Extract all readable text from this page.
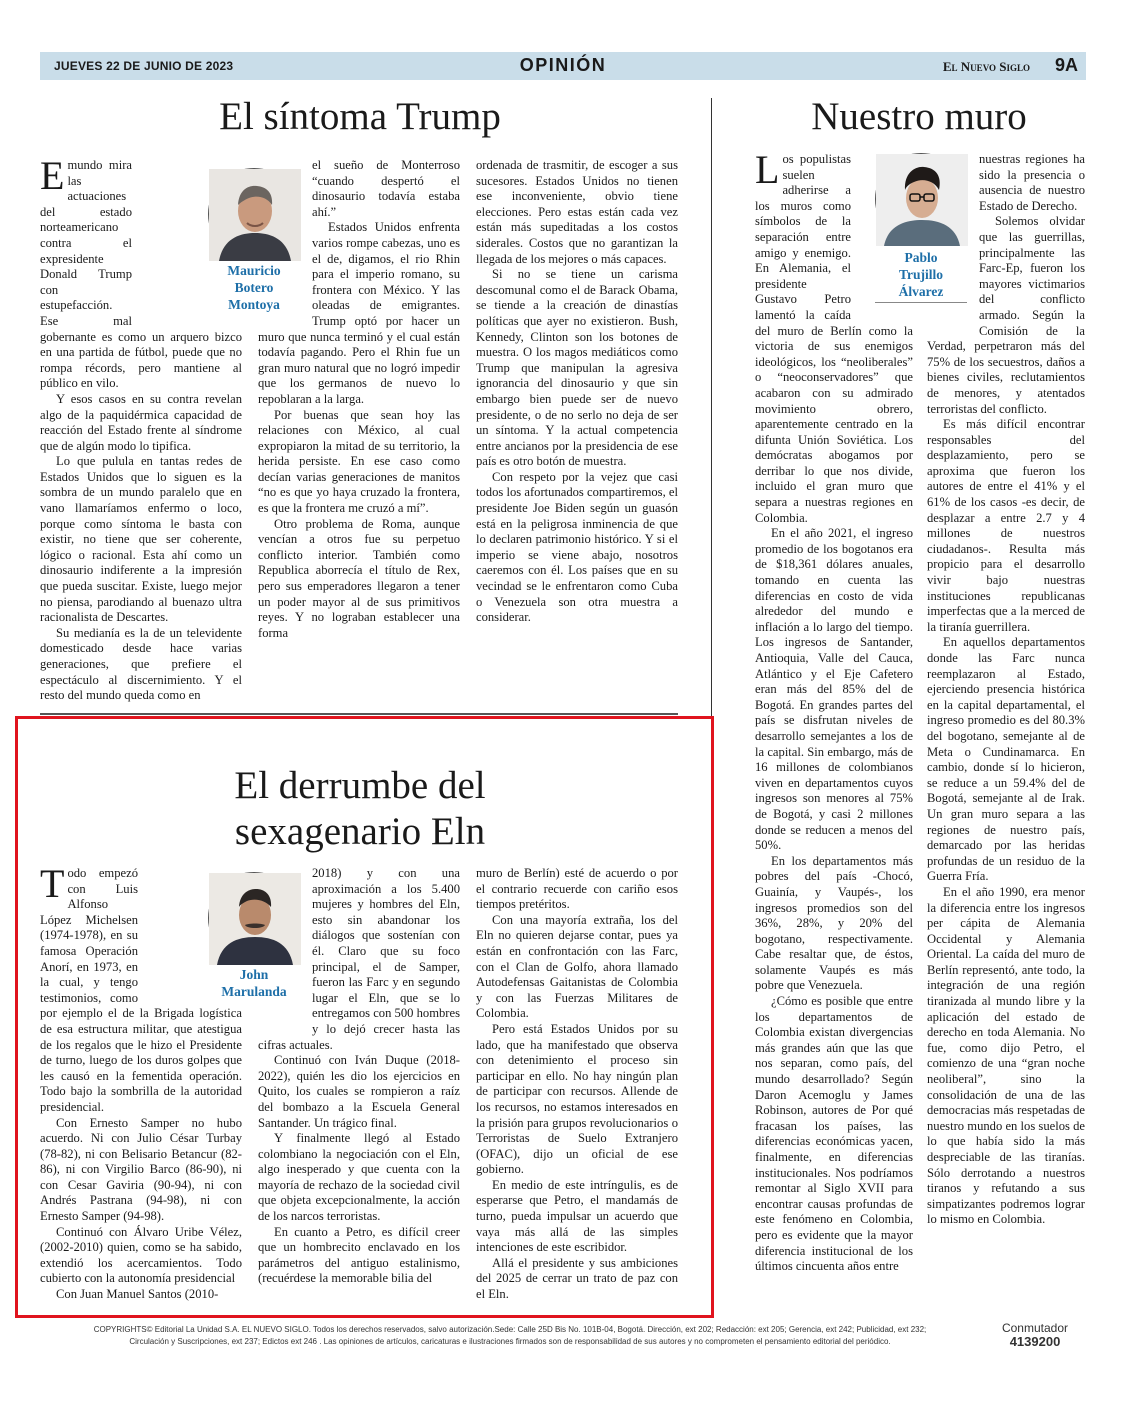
JUEVES 22 DE JUNIO DE 2023	OPINIÓN	El Nuevo Siglo 9A
El síntoma Trump

Emundo mira las actuaciones del estado norteamericano contra el expresidente Donald Trump con estupefacción. Ese mal gobernante es como un arquero bizco en una partida de fútbol, puede que no rompa récords, pero mantiene al público en vilo.

Y esos casos en su contra revelan algo de la paquidérmica capacidad de reacción del Estado frente al síndrome que de algún modo lo tipifica.

Lo que pulula en tantas redes de Estados Unidos que lo siguen es la sombra de un mundo paralelo que en vano llamaríamos enfermo o loco, porque como síntoma le basta con existir, no tiene que ser coherente, lógico o racional. Esta ahí como un dinosaurio indiferente a la impresión que pueda suscitar. Existe, luego mejor no piensa, parodiando al buenazo ultra racionalista de Descartes.

Su medianía es la de un televidente domesticado desde hace varias generaciones, que prefiere el espectáculo al discernimiento. Y el resto del mundo queda como en

el sueño de Monterroso “cuando despertó el dinosaurio todavía estaba ahí.”

Estados Unidos enfrenta varios rompe cabezas, uno es el de, digamos, el rio Rhin para el imperio romano, su frontera con México. Y las oleadas de emigrantes. Trump optó por hacer un muro que nunca terminó y el cual están todavía pagando. Pero el Rhin fue un gran muro natural que no logró impedir que los germanos de nuevo lo repoblaran a la larga.

Por buenas que sean hoy las relaciones con México, al cual expropiaron la mitad de su territorio, la herida persiste. En ese caso como decían varias generaciones de manitos “no es que yo haya cruzado la frontera, es que la frontera me cruzó a mí”.

Otro problema de Roma, aunque vencían a otros fue su perpetuo conflicto interior. También como Republica aborrecía el título de Rex, pero sus emperadores llegaron a tener un poder mayor al de sus primitivos reyes. Y no lograban establecer una forma

ordenada de trasmitir, de escoger a sus sucesores. Estados Unidos no tienen ese inconveniente, obvio tiene elecciones. Pero estas están cada vez están más supeditadas a los costos siderales. Costos que no garantizan la llegada de los mejores o más capaces.

Si no se tiene un carisma descomunal como el de Barack Obama, se tiende a la creación de dinastías políticas que ayer no existieron. Bush, Kennedy, Clinton son los botones de muestra. O los magos mediáticos como Trump que manipulan la agresiva ignorancia del dinosaurio y que sin embargo bien puede ser de nuevo presidente, o de no serlo no deja de ser un síntoma. Y la actual competencia entre ancianos por la presidencia de ese país es otro botón de muestra.

Con respeto por la vejez que casi todos los afortunados compartiremos, el presidente Joe Biden según un guasón está en la peligrosa inminencia de que lo declaren patrimonio histórico. Y si el imperio se viene abajo, nosotros caeremos con él. Los países que en su vecindad se le enfrentaron como Cuba o Venezuela son otra muestra a considerar.

Mauricio
Botero
Montoya
El derrumbe del
sexagenario Eln

Todo empezó con Luis Alfonso López Michelsen (1974-1978), en su famosa Operación Anorí, en 1973, en la cual, y tengo testimonios, como por ejemplo el de la Brigada logística de esa estructura militar, que atestigua de los regalos que le hizo el Presidente de turno, luego de los duros golpes que les causó en la fementida operación. Todo bajo la sombrilla de la autoridad presidencial.

Con Ernesto Samper no hubo acuerdo. Ni con Julio César Turbay (78-82), ni con Belisario Betancur (82-86), ni con Virgilio Barco (86-90), ni con Cesar Gaviria (90-94), ni con Andrés Pastrana (94-98), ni con Ernesto Samper (94-98).

Continuó con Álvaro Uribe Vélez, (2002-2010) quien, como se ha sabido, extendió los acercamientos. Todo cubierto con la autonomía presidencial

Con Juan Manuel Santos (2010-

2018) y con una aproximación a los 5.400 mujeres y hombres del Eln, esto sin abandonar los diálogos que sostenían con él. Claro que su foco principal, el de Samper, fueron las Farc y en segundo lugar el Eln, que se lo entregamos con 500 hombres y lo dejó crecer hasta las cifras actuales.

Continuó con Iván Duque (2018-2022), quién les dio los ejercicios en Quito, los cuales se rompieron a raíz del bombazo a la Escuela General Santander. Un trágico final.

Y finalmente llegó al Estado colombiano la negociación con el Eln, algo inesperado y que cuenta con la mayoría de rechazo de la sociedad civil que objeta excepcionalmente, la acción de los narcos terroristas.

En cuanto a Petro, es difícil creer que un hombrecito enclavado en los parámetros del antiguo estalinismo, (recuérdese la memorable bilia del

muro de Berlín) esté de acuerdo o por el contrario recuerde con cariño esos tiempos pretéritos.

Con una mayoría extraña, los del Eln no quieren dejarse contar, pues ya están en confrontación con las Farc, con el Clan de Golfo, ahora llamado Autodefensas Gaitanistas de Colombia y con las Fuerzas Militares de Colombia.

Pero está Estados Unidos por su lado, que ha manifestado que observa con detenimiento el proceso sin participar en ello. No hay ningún plan de participar con recursos. Allende de los recursos, no estamos interesados en la prisión para grupos revolucionarios o Terroristas de Suelo Extranjero (OFAC), dijo un oficial de ese gobierno.

En medio de este intríngulis, es de esperarse que Petro, el mandamás de turno, pueda impulsar un acuerdo que vaya más allá de las simples intenciones de este escribidor.

Allá el presidente y sus ambiciones del 2025 de cerrar un trato de paz con el Eln.

John
Marulanda
Nuestro muro

Los populistas suelen adherirse a los muros como símbolos de la separación entre amigo y enemigo. En Alemania, el presidente Gustavo Petro lamentó la caída del muro de Berlín como la victoria de sus enemigos ideológicos, los “neoliberales” o “neoconservadores” que acabaron con su admirado movimiento obrero, aparentemente centrado en la difunta Unión Soviética. Los demócratas abogamos por derribar lo que nos divide, incluido el gran muro que separa a nuestras regiones en Colombia.

En el año 2021, el ingreso promedio de los bogotanos era de $18,361 dólares anuales, tomando en cuenta las diferencias en costo de vida alrededor del mundo e inflación a lo largo del tiempo. Los ingresos de Santander, Antioquia, Valle del Cauca, Atlántico y el Eje Cafetero eran más del 85% del de Bogotá. En grandes partes del país se disfrutan niveles de desarrollo semejantes a los de la capital. Sin embargo, más de 16 millones de colombianos viven en departamentos cuyos ingresos son menores al 75% de Bogotá, y casi 2 millones donde se reducen a menos del 50%.

En los departamentos más pobres del país -Chocó, Guainía, y Vaupés-, los ingresos promedios son del 36%, 28%, y 20% del bogotano, respectivamente. Cabe resaltar que, de éstos, solamente Vaupés es más pobre que Venezuela.

¿Cómo es posible que entre los departamentos de Colombia existan divergencias más grandes aún que las que nos separan, como país, del mundo desarrollado? Según Daron Acemoglu y James Robinson, autores de Por qué fracasan los países, las diferencias económicas yacen, finalmente, en diferencias institucionales. Nos podríamos remontar al Siglo XVII para encontrar causas profundas de este fenómeno en Colombia, pero es evidente que la mayor diferencia institucional de los últimos cincuenta años entre

nuestras regiones ha sido la presencia o ausencia de nuestro Estado de Derecho.

Solemos olvidar que las guerrillas, principalmente las Farc-Ep, fueron los mayores victimarios del conflicto armado. Según la Comisión de la Verdad, perpetraron más del 75% de los secuestros, daños a bienes civiles, reclutamientos de menores, y atentados terroristas del conflicto.

Es más difícil encontrar responsables del desplazamiento, pero se aproxima que fueron los autores de entre el 41% y el 61% de los casos -es decir, de desplazar a entre 2.7 y 4 millones de nuestros ciudadanos-. Resulta más propicio para el desarrollo vivir bajo nuestras instituciones republicanas imperfectas que a la merced de la tiranía guerrillera.

En aquellos departamentos donde las Farc nunca reemplazaron al Estado, ejerciendo presencia histórica en la capital departamental, el ingreso promedio es del 80.3% del bogotano, semejante al de Meta o Cundinamarca. En cambio, donde sí lo hicieron, se reduce a un 59.4% del de Bogotá, semejante al de Irak. Un gran muro separa a las regiones de nuestro país, demarcado por las heridas profundas de un residuo de la Guerra Fría.

En el año 1990, era menor la diferencia entre los ingresos per cápita de Alemania Occidental y Alemania Oriental. La caída del muro de Berlín representó, ante todo, la integración de una región tiranizada al mundo libre y la aplicación del estado de derecho en toda Alemania. No fue, como dijo Petro, el comienzo de una “gran noche neoliberal”, sino la consolidación de una de las democracias más respetadas de nuestro mundo en los suelos de lo que había sido la más despreciable de las tiranías. Sólo derrotando a nuestros tiranos y refutando a sus simpatizantes podremos lograr lo mismo en Colombia.

Pablo
Trujillo
Álvarez
COPYRIGHTS© Editorial La Unidad S.A. EL NUEVO SIGLO. Todos los derechos reservados, salvo autorización.Sede: Calle 25D Bis No. 101B-04, Bogotá. Dirección, ext 202; Redacción: ext 205; Gerencia, ext 242; Publicidad, ext 232;
Circulación y Suscripciones, ext 237; Edictos ext 246 . Las opiniones de artículos, caricaturas e ilustraciones firmados son de responsabilidad de sus autores y no comprometen el pensamiento editorial del periódico.
Conmutador
4139200
